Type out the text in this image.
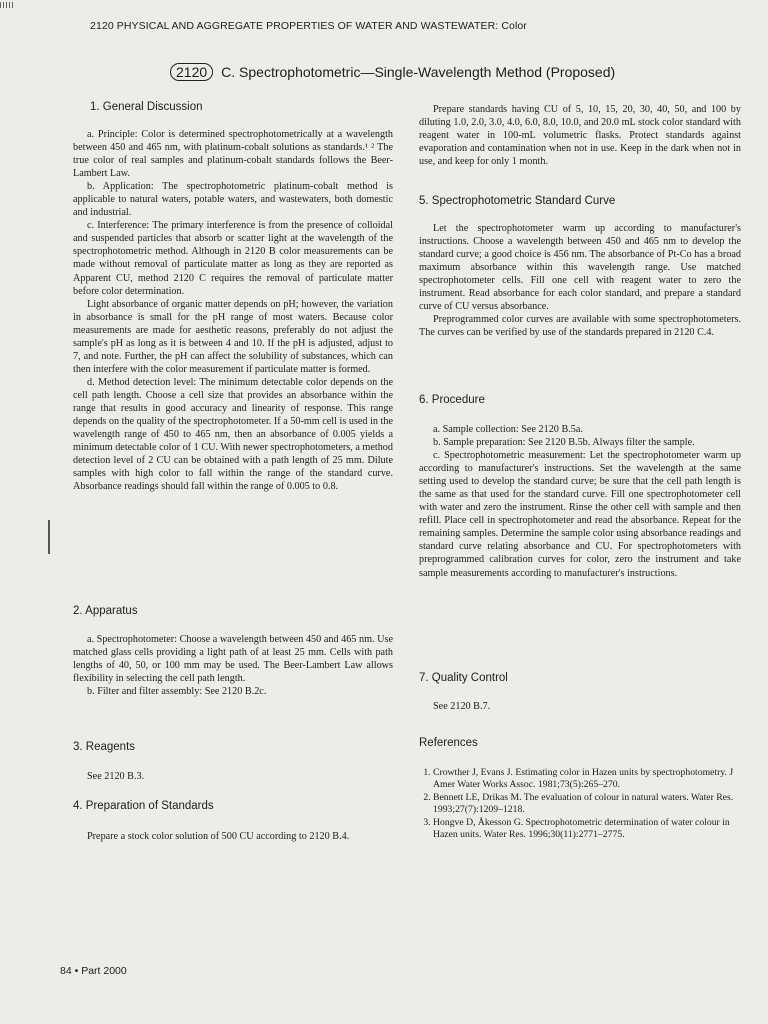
2120 PHYSICAL AND AGGREGATE PROPERTIES OF WATER AND WASTEWATER: Color
2120	C. Spectrophotometric—Single-Wavelength Method (Proposed)
1. General Discussion

a. Principle: Color is determined spectrophotometrically at a wavelength between 450 and 465 nm, with platinum-cobalt solutions as standards.¹ ² The true color of real samples and platinum-cobalt standards follows the Beer-Lambert Law.

b. Application: The spectrophotometric platinum-cobalt method is applicable to natural waters, potable waters, and wastewaters, both domestic and industrial.

c. Interference: The primary interference is from the presence of colloidal and suspended particles that absorb or scatter light at the wavelength of the spectrophotometric method. Although in 2120 B color measurements can be made without removal of particulate matter as long as they are reported as Apparent CU, method 2120 C requires the removal of particulate matter before color determination.

Light absorbance of organic matter depends on pH; however, the variation in absorbance is small for the pH range of most waters. Because color measurements are made for aesthetic reasons, preferably do not adjust the sample's pH as long as it is between 4 and 10. If the pH is adjusted, adjust to 7, and note. Further, the pH can affect the solubility of substances, which can then interfere with the color measurement if particulate matter is formed.

d. Method detection level: The minimum detectable color depends on the cell path length. Choose a cell size that provides an absorbance within the range that results in good accuracy and linearity of response. This range depends on the quality of the spectrophotometer. If a 50-mm cell is used in the wavelength range of 450 to 465 nm, then an absorbance of 0.005 yields a minimum detectable color of 1 CU. With newer spectrophotometers, a method detection level of 2 CU can be obtained with a path length of 25 mm. Dilute samples with high color to fall within the range of the standard curve. Absorbance readings should fall within the range of 0.005 to 0.8.

2. Apparatus

a. Spectrophotometer: Choose a wavelength between 450 and 465 nm. Use matched glass cells providing a light path of at least 25 mm. Cells with path lengths of 40, 50, or 100 mm may be used. The Beer-Lambert Law allows flexibility in selecting the cell path length.

b. Filter and filter assembly: See 2120 B.2c.

3. Reagents

See 2120 B.3.

4. Preparation of Standards

Prepare a stock color solution of 500 CU according to 2120 B.4.

Prepare standards having CU of 5, 10, 15, 20, 30, 40, 50, and 100 by diluting 1.0, 2.0, 3.0, 4.0, 6.0, 8.0, 10.0, and 20.0 mL stock color standard with reagent water in 100-mL volumetric flasks. Protect standards against evaporation and contamination when not in use. Keep in the dark when not in use, and keep for only 1 month.

5. Spectrophotometric Standard Curve

Let the spectrophotometer warm up according to manufacturer's instructions. Choose a wavelength between 450 and 465 nm to develop the standard curve; a good choice is 456 nm. The absorbance of Pt-Co has a broad maximum absorbance within this wavelength range. Use matched spectrophotometer cells. Fill one cell with reagent water to zero the instrument. Read absorbance for each color standard, and prepare a standard curve of CU versus absorbance.

Preprogrammed color curves are available with some spectrophotometers. The curves can be verified by use of the standards prepared in 2120 C.4.

6. Procedure

a. Sample collection: See 2120 B.5a.

b. Sample preparation: See 2120 B.5b. Always filter the sample.

c. Spectrophotometric measurement: Let the spectrophotometer warm up according to manufacturer's instructions. Set the wavelength at the same setting used to develop the standard curve; be sure that the cell path length is the same as that used for the standard curve. Fill one spectrophotometer cell with water and zero the instrument. Rinse the other cell with sample and then refill. Place cell in spectrophotometer and read the absorbance. Repeat for the remaining samples. Determine the sample color using absorbance readings and standard curve relating absorbance and CU. For spectrophotometers with preprogrammed calibration curves for color, zero the instrument and take sample measurements according to manufacturer's instructions.

7. Quality Control

See 2120 B.7.

References
1. Crowther J, Evans J. Estimating color in Hazen units by spectrophotometry. J Amer Water Works Assoc. 1981;73(5):265–270.
2. Bennett LE, Drikas M. The evaluation of colour in natural waters. Water Res. 1993;27(7):1209–1218.
3. Hongve D, Åkesson G. Spectrophotometric determination of water colour in Hazen units. Water Res. 1996;30(11):2771–2775.
84 • Part 2000
